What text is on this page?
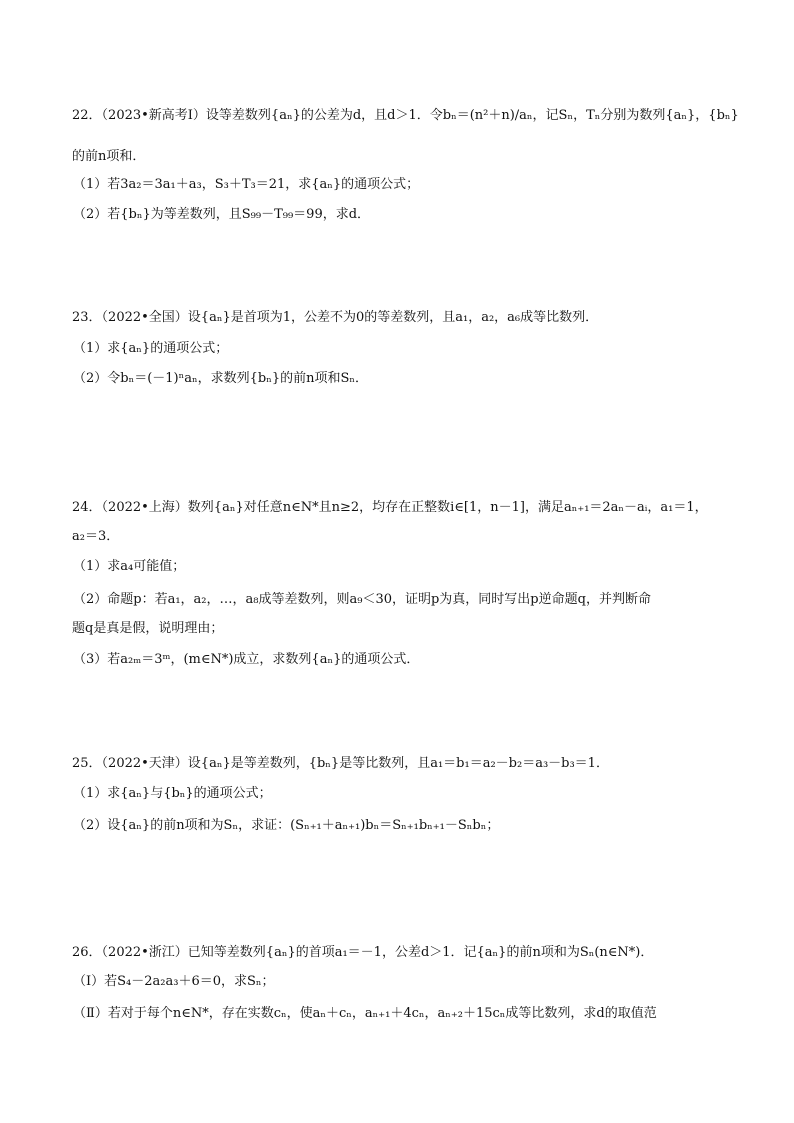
22．（2023•新高考Ⅰ）设等差数列{aₙ}的公差为d，且d＞1．令bₙ＝(n²＋n)/aₙ，记Sₙ，Tₙ分别为数列{aₙ}，{bₙ}
的前n项和．
（1）若3a₂＝3a₁＋a₃，S₃＋T₃＝21，求{aₙ}的通项公式；
（2）若{bₙ}为等差数列，且S₉₉－T₉₉＝99，求d．
23．（2022•全国）设{aₙ}是首项为1，公差不为0的等差数列，且a₁，a₂，a₆成等比数列．
（1）求{aₙ}的通项公式；
（2）令bₙ＝(－1)ⁿaₙ，求数列{bₙ}的前n项和Sₙ．
24．（2022•上海）数列{aₙ}对任意n∈N*且n≥2，均存在正整数i∈[1，n－1]，满足aₙ₊₁＝2aₙ－aᵢ，a₁＝1，
a₂＝3．
（1）求a₄可能值；
（2）命题p：若a₁，a₂，…，a₈成等差数列，则a₉＜30，证明p为真，同时写出p逆命题q，并判断命
题q是真是假，说明理由；
（3）若a₂ₘ＝3ᵐ，(m∈N*)成立，求数列{aₙ}的通项公式．
25．（2022•天津）设{aₙ}是等差数列，{bₙ}是等比数列，且a₁＝b₁＝a₂－b₂＝a₃－b₃＝1．
（1）求{aₙ}与{bₙ}的通项公式；
（2）设{aₙ}的前n项和为Sₙ，求证：(Sₙ₊₁＋aₙ₊₁)bₙ＝Sₙ₊₁bₙ₊₁－Sₙbₙ；
26．（2022•浙江）已知等差数列{aₙ}的首项a₁＝－1，公差d＞1．记{aₙ}的前n项和为Sₙ(n∈N*)．
（Ⅰ）若S₄－2a₂a₃＋6＝0，求Sₙ；
（Ⅱ）若对于每个n∈N*，存在实数cₙ，使aₙ＋cₙ，aₙ₊₁＋4cₙ，aₙ₊₂＋15cₙ成等比数列，求d的取值范
